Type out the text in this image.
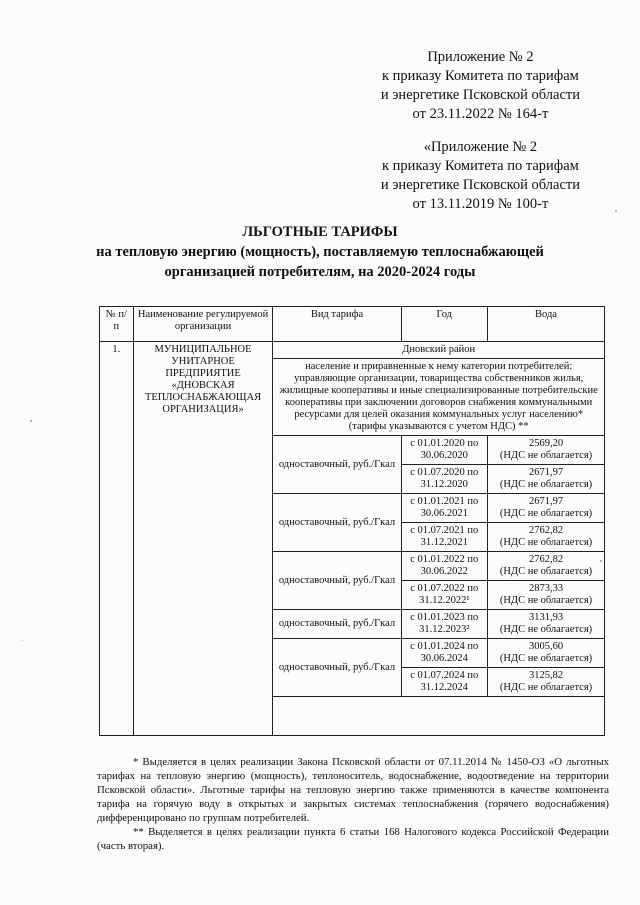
Приложение № 2
к приказу Комитета по тарифам
и энергетике Псковской области
от 23.11.2022 № 164-т
«Приложение № 2
к приказу Комитета по тарифам
и энергетике Псковской области
от 13.11.2019 № 100-т
ЛЬГОТНЫЕ ТАРИФЫ
на тепловую энергию (мощность), поставляемую теплоснабжающей
организацией потребителям, на 2020-2024 годы
№ п/п	Наименование регулируемой организации	Вид тарифа	Год	Вода
1.	МУНИЦИПАЛЬНОЕ УНИТАРНОЕ ПРЕДПРИЯТИЕ «ДНОВСКАЯ ТЕПЛОСНАБЖАЮЩАЯ ОРГАНИЗАЦИЯ»	Дновский район		
		население и приравненные к нему категории потребителей: управляющие организации, товарищества собственников жилья, жилищные кооперативы и иные специализированные потребительские кооперативы при заключении договоров снабжения коммунальными ресурсами для целей оказания коммунальных услуг населению* (тарифы указываются с учетом НДС) **		
		одноставочный, руб./Гкал	с 01.01.2020 по 30.06.2020	2569,20
(НДС не облагается)

			с 01.07.2020 по 31.12.2020	2671,97
(НДС не облагается)

		одноставочный, руб./Гкал	с 01.01.2021 по 30.06.2021	2671,97
(НДС не облагается)

			с 01.07.2021 по 31.12.2021	2762,82
(НДС не облагается)

		одноставочный, руб./Гкал	с 01.01.2022 по 30.06.2022	2762,82
(НДС не облагается)

			с 01.07.2022 по 31.12.2022¹	2873,33
(НДС не облагается)

		одноставочный, руб./Гкал	с 01.01.2023 по 31.12.2023²	3131,93
(НДС не облагается)

		одноставочный, руб./Гкал	с 01.01.2024 по 30.06.2024	3005,60
(НДС не облагается)

			с 01.07.2024 по 31.12.2024	3125,82
(НДС не облагается)

* Выделяется в целях реализации Закона Псковской области от 07.11.2014 № 1450-ОЗ «О льготных тарифах на тепловую энергию (мощность), теплоноситель, водоснабжение, водоотведение на территории Псковской области». Льготные тарифы на тепловую энергию также применяются в качестве компонента тарифа на горячую воду в открытых и закрытых системах теплоснабжения (горячего водоснабжения) дифференцировано по группам потребителей.

** Выделяется в целях реализации пункта 6 статьи 168 Налогового кодекса Российской Федерации (часть вторая).
